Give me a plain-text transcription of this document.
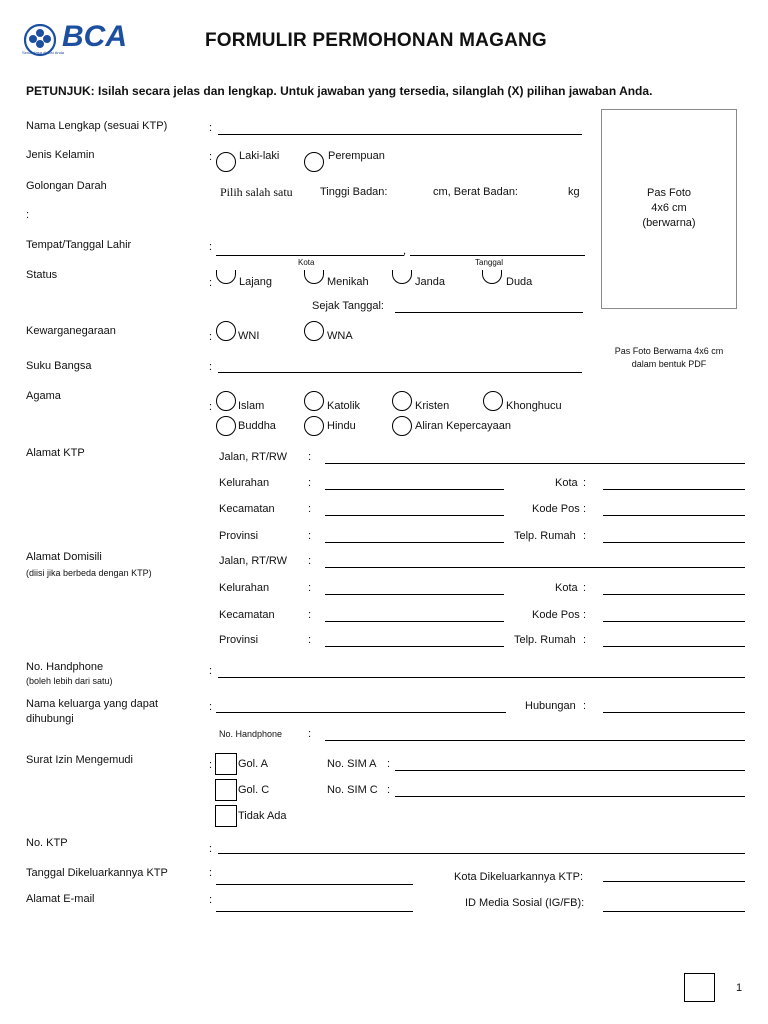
BCA
Senantiasa di Sisi Anda
FORMULIR PERMOHONAN MAGANG
PETUNJUK: Isilah secara jelas dan lengkap. Untuk jawaban yang tersedia, silanglah (X) pilihan jawaban Anda.
Pas Foto
4x6 cm
(berwarna)
Pas Foto Berwarna 4x6 cm
dalam bentuk PDF
Nama Lengkap (sesuai KTP)	:
Jenis Kelamin	: Laki-laki	Perempuan
Golongan Darah	Pilih salah satu Tinggi Badan:	cm, Berat Badan:	kg
:
Tempat/Tanggal Lahir	:	,
Kota	Tanggal
Status
: Lajang	Menikah	Janda	Duda
Sejak Tanggal:
Kewarganegaraan	: WNI	WNA
Suku Bangsa	:
Agama
: Islam	Katolik	Kristen	Khonghucu
Buddha	Hindu	Aliran Kepercayaan
Alamat KTP	Jalan, RT/RW :
Kelurahan	:	Kota :
Kecamatan	:	Kode Pos :
Provinsi	:	Telp. Rumah :
Alamat Domisili
(diisi jika berbeda dengan KTP)
Jalan, RT/RW :
Kelurahan	:	Kota :
Kecamatan	:	Kode Pos :
Provinsi	:	Telp. Rumah :
No. Handphone
(boleh lebih dari satu)
:
Nama keluarga yang dapat
dihubungi
:	Hubungan :
No. Handphone :
Surat Izin Mengemudi	: Gol. A	No. SIM A :
Gol. C	No. SIM C :
Tidak Ada
No. KTP	:
Tanggal Dikeluarkannya KTP	:	Kota Dikeluarkannya KTP:
Alamat E-mail	:	ID Media Sosial (IG/FB):
1
